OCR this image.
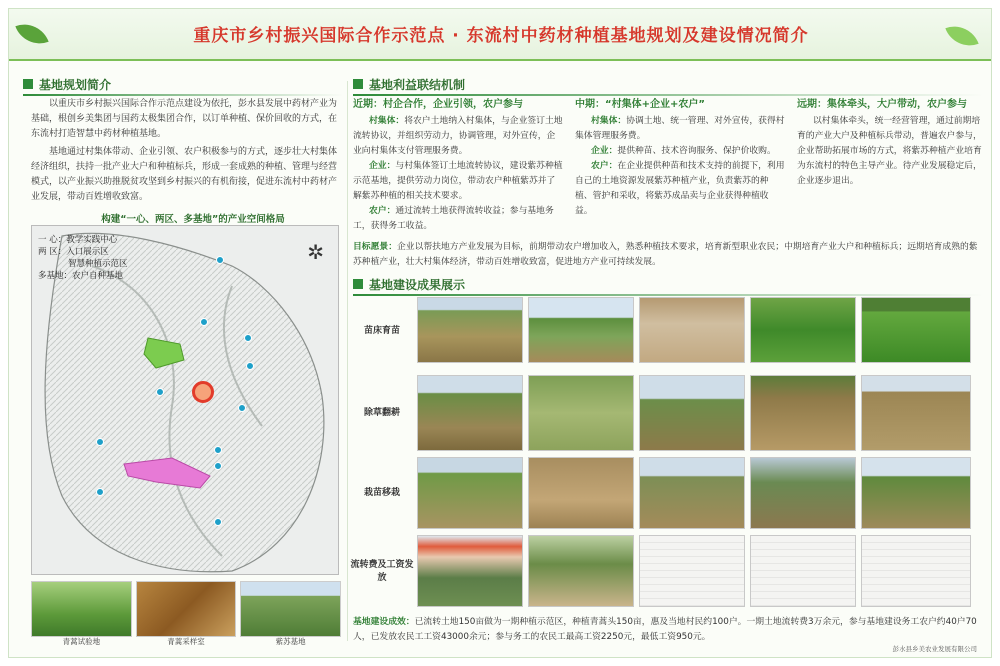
重庆市乡村振兴国际合作示范点 · 东流村中药材种植基地规划及建设情况简介
基地规划简介
以重庆市乡村振兴国际合作示范点建设为依托，彭水县发展中药材产业为基础，根创乡美集团与国药太极集团合作，以订单种植、保价回收的方式，在东流村打造智慧中药材种植基地。
基地通过村集体带动、企业引领、农户积极参与的方式，逐步壮大村集体经济组织，扶持一批产业大户和种植标兵，形成一套成熟的种植、管理与经营模式，以产业振兴助推脱贫攻坚到乡村振兴的有机衔接，促进东流村中药材产业发展，带动百姓增收致富。
构建“一心、两区、多基地”的产业空间格局
一 心：教学实践中心
两 区：入口展示区
智慧种植示范区
多基地：农户自种基地
✲
青蒿试验地	青蒿采样室	紫苏基地
基地利益联结机制
近期：村企合作，企业引领，农户参与

村集体：将农户土地纳入村集体，与企业签订土地流转协议，并组织劳动力，协调管理，对外宣传，企业向村集体支付管理服务费。

企业：与村集体签订土地流转协议，建设紫苏种植示范基地，提供劳动力岗位，带动农户种植紫苏并了解紫苏种植的相关技术要求。

农户：通过流转土地获得流转收益；参与基地务工，获得务工收益。

中期：“村集体+企业+农户”

村集体：协调土地、统一管理、对外宣传，获得村集体管理服务费。

企业：提供种苗、技术咨询服务、保护价收购。

农户：在企业提供种苗和技术支持的前提下，利用自己的土地资源发展紫苏种植产业，负责紫苏的种植、管护和采收，将紫苏成品卖与企业获得种植收益。

远期：集体牵头，大户带动，农户参与

以村集体牵头，统一经营管理，通过前期培育的产业大户及种植标兵带动，普遍农户参与，企业帮助拓展市场的方式，将紫苏种植产业培育为东流村的特色主导产业。待产业发展稳定后，企业逐步退出。

目标愿景：企业以帮扶地方产业发展为目标，前期带动农户增加收入，熟悉种植技术要求，培育新型职业农民；中期培育产业大户和种植标兵；远期培育成熟的紫苏种植产业，壮大村集体经济，带动百姓增收致富，促进地方产业可持续发展。
基地建设成果展示
苗床育苗
除草翻耕
栽苗移栽
流转费及工资发放
基地建设成效：已流转土地150亩做为一期种植示范区，种植青蒿头150亩，惠及当地村民约100户。一期土地流转费3万余元，参与基地建设务工农户约40户70人，已发放农民工工资43000余元；参与务工的农民工最高工资2250元，最低工资950元。
彭水县乡美农业发展有限公司
